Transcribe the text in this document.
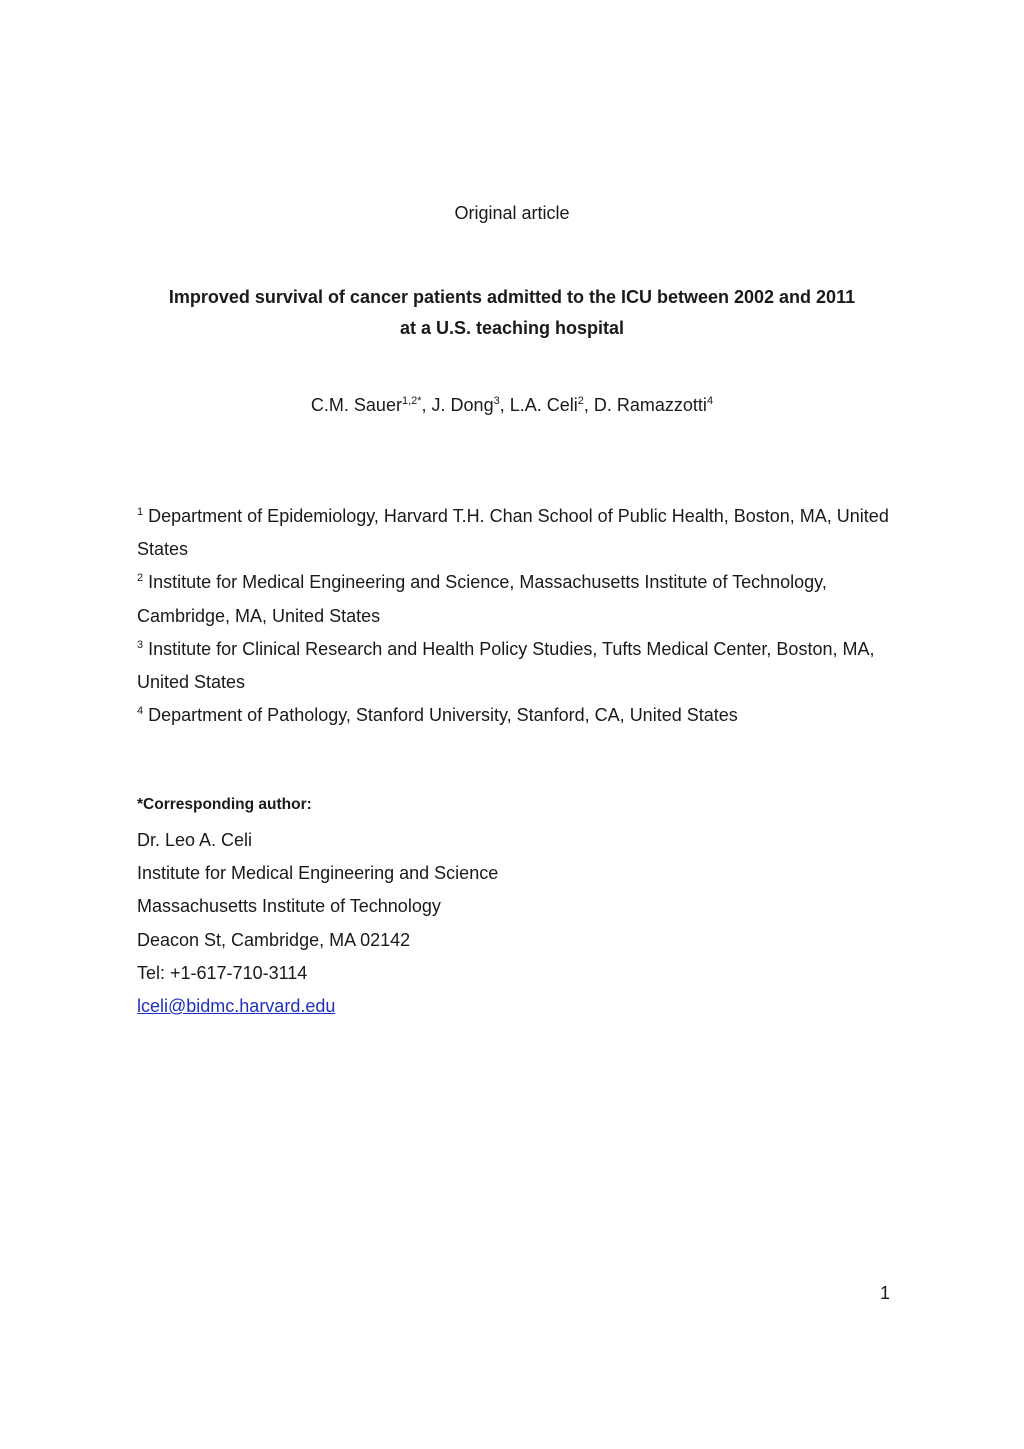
Original article
Improved survival of cancer patients admitted to the ICU between 2002 and 2011
at a U.S. teaching hospital
C.M. Sauer$^{1,2*}$, J. Dong$^3$, L.A. Celi$^2$, D. Ramazzotti$^4$

$^1$ Department of Epidemiology, Harvard T.H. Chan School of Public Health, Boston, MA, United States

$^2$ Institute for Medical Engineering and Science, Massachusetts Institute of Technology, Cambridge, MA, United States

$^3$ Institute for Clinical Research and Health Policy Studies, Tufts Medical Center, Boston, MA, United States

$^4$ Department of Pathology, Stanford University, Stanford, CA, United States

*Corresponding author:
Dr. Leo A. Celi
Institute for Medical Engineering and Science
Massachusetts Institute of Technology
Deacon St, Cambridge, MA 02142
Tel: +1-617-710-3114
lceli@bidmc.harvard.edu
1
